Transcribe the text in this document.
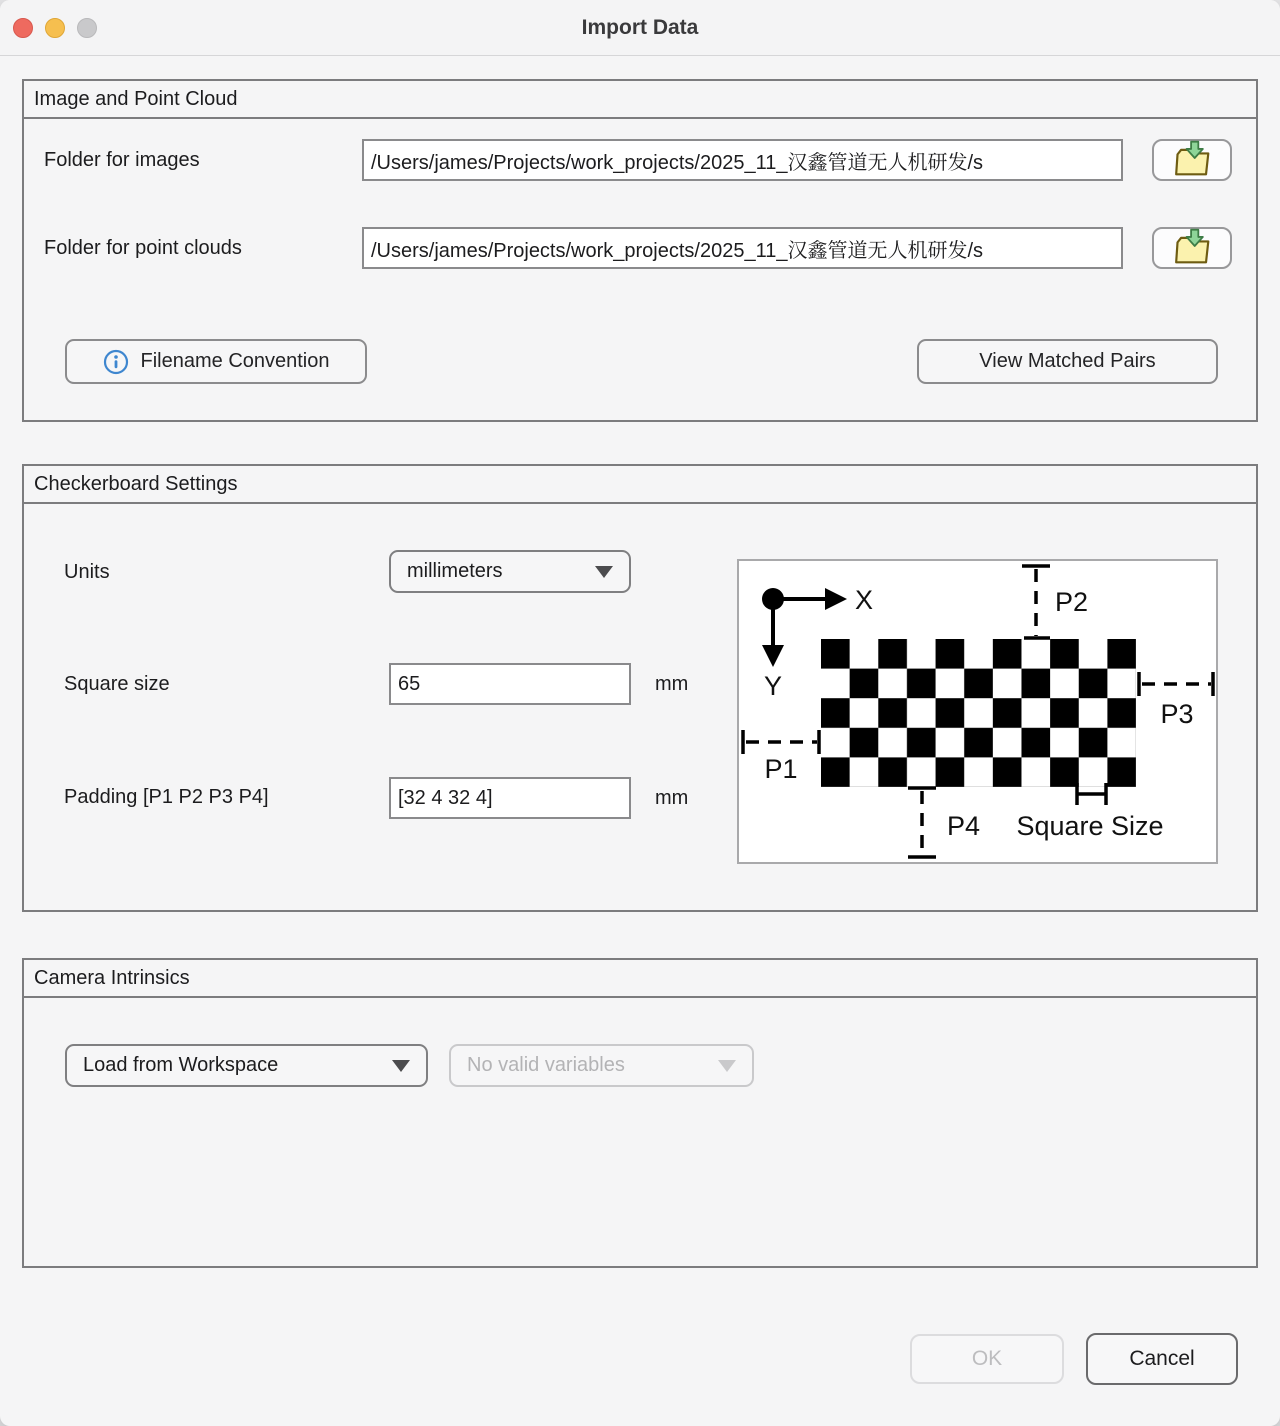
Import Data
Image and Point Cloud
Folder for images
/Users/james/Projects/work_projects/2025_11_汉鑫管道无人机研发/s
Folder for point clouds
/Users/james/Projects/work_projects/2025_11_汉鑫管道无人机研发/s
Filename Convention	View Matched Pairs
Checkerboard Settings
Units	millimeters
Square size
65	mm
Padding [P1 P2 P3 P4]
[32 4 32 4]	mm
X
Y
P2
P3
P1
P4 Square Size
Camera Intrinsics
Load from Workspace	No valid variables
OK	Cancel
